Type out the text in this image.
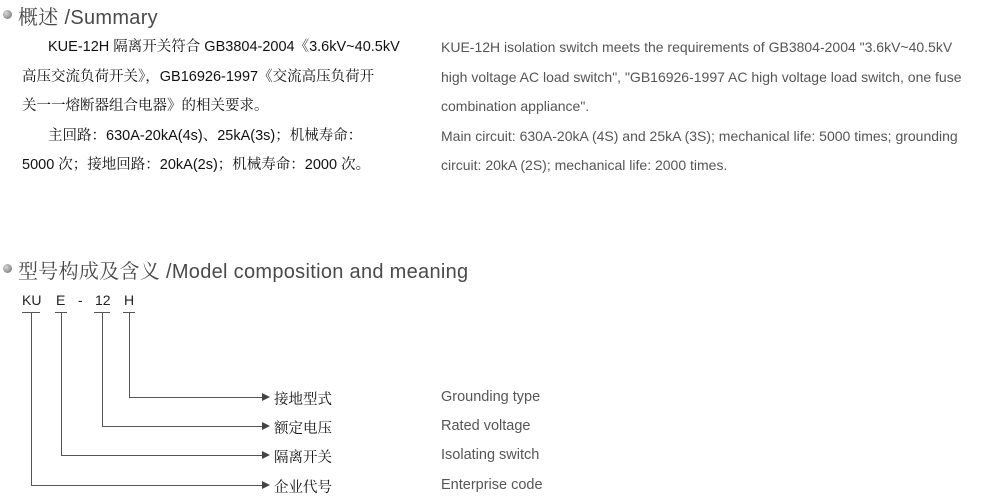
概述 /Summary

KUE-12H 隔离开关符合 GB3804-2004《3.6kV~40.5kV

高压交流负荷开关》，GB16926-1997《交流高压负荷开

关一一熔断器组合电器》的相关要求。

主回路：630A-20kA(4s)、25kA(3s)；机械寿命：

5000 次；接地回路：20kA(2s)；机械寿命：2000 次。

KUE-12H isolation switch meets the requirements of GB3804-2004 "3.6kV~40.5kV

high voltage AC load switch", "GB16926-1997 AC high voltage load switch, one fuse

combination appliance".

Main circuit: 630A-20kA (4S) and 25kA (3S); mechanical life: 5000 times; grounding

circuit: 20kA (2S); mechanical life: 2000 times.

型号构成及含义 /Model composition and meaning
KU E - 12 H
接地型式	Grounding type
额定电压	Rated voltage
隔离开关	Isolating switch
企业代号	Enterprise code
